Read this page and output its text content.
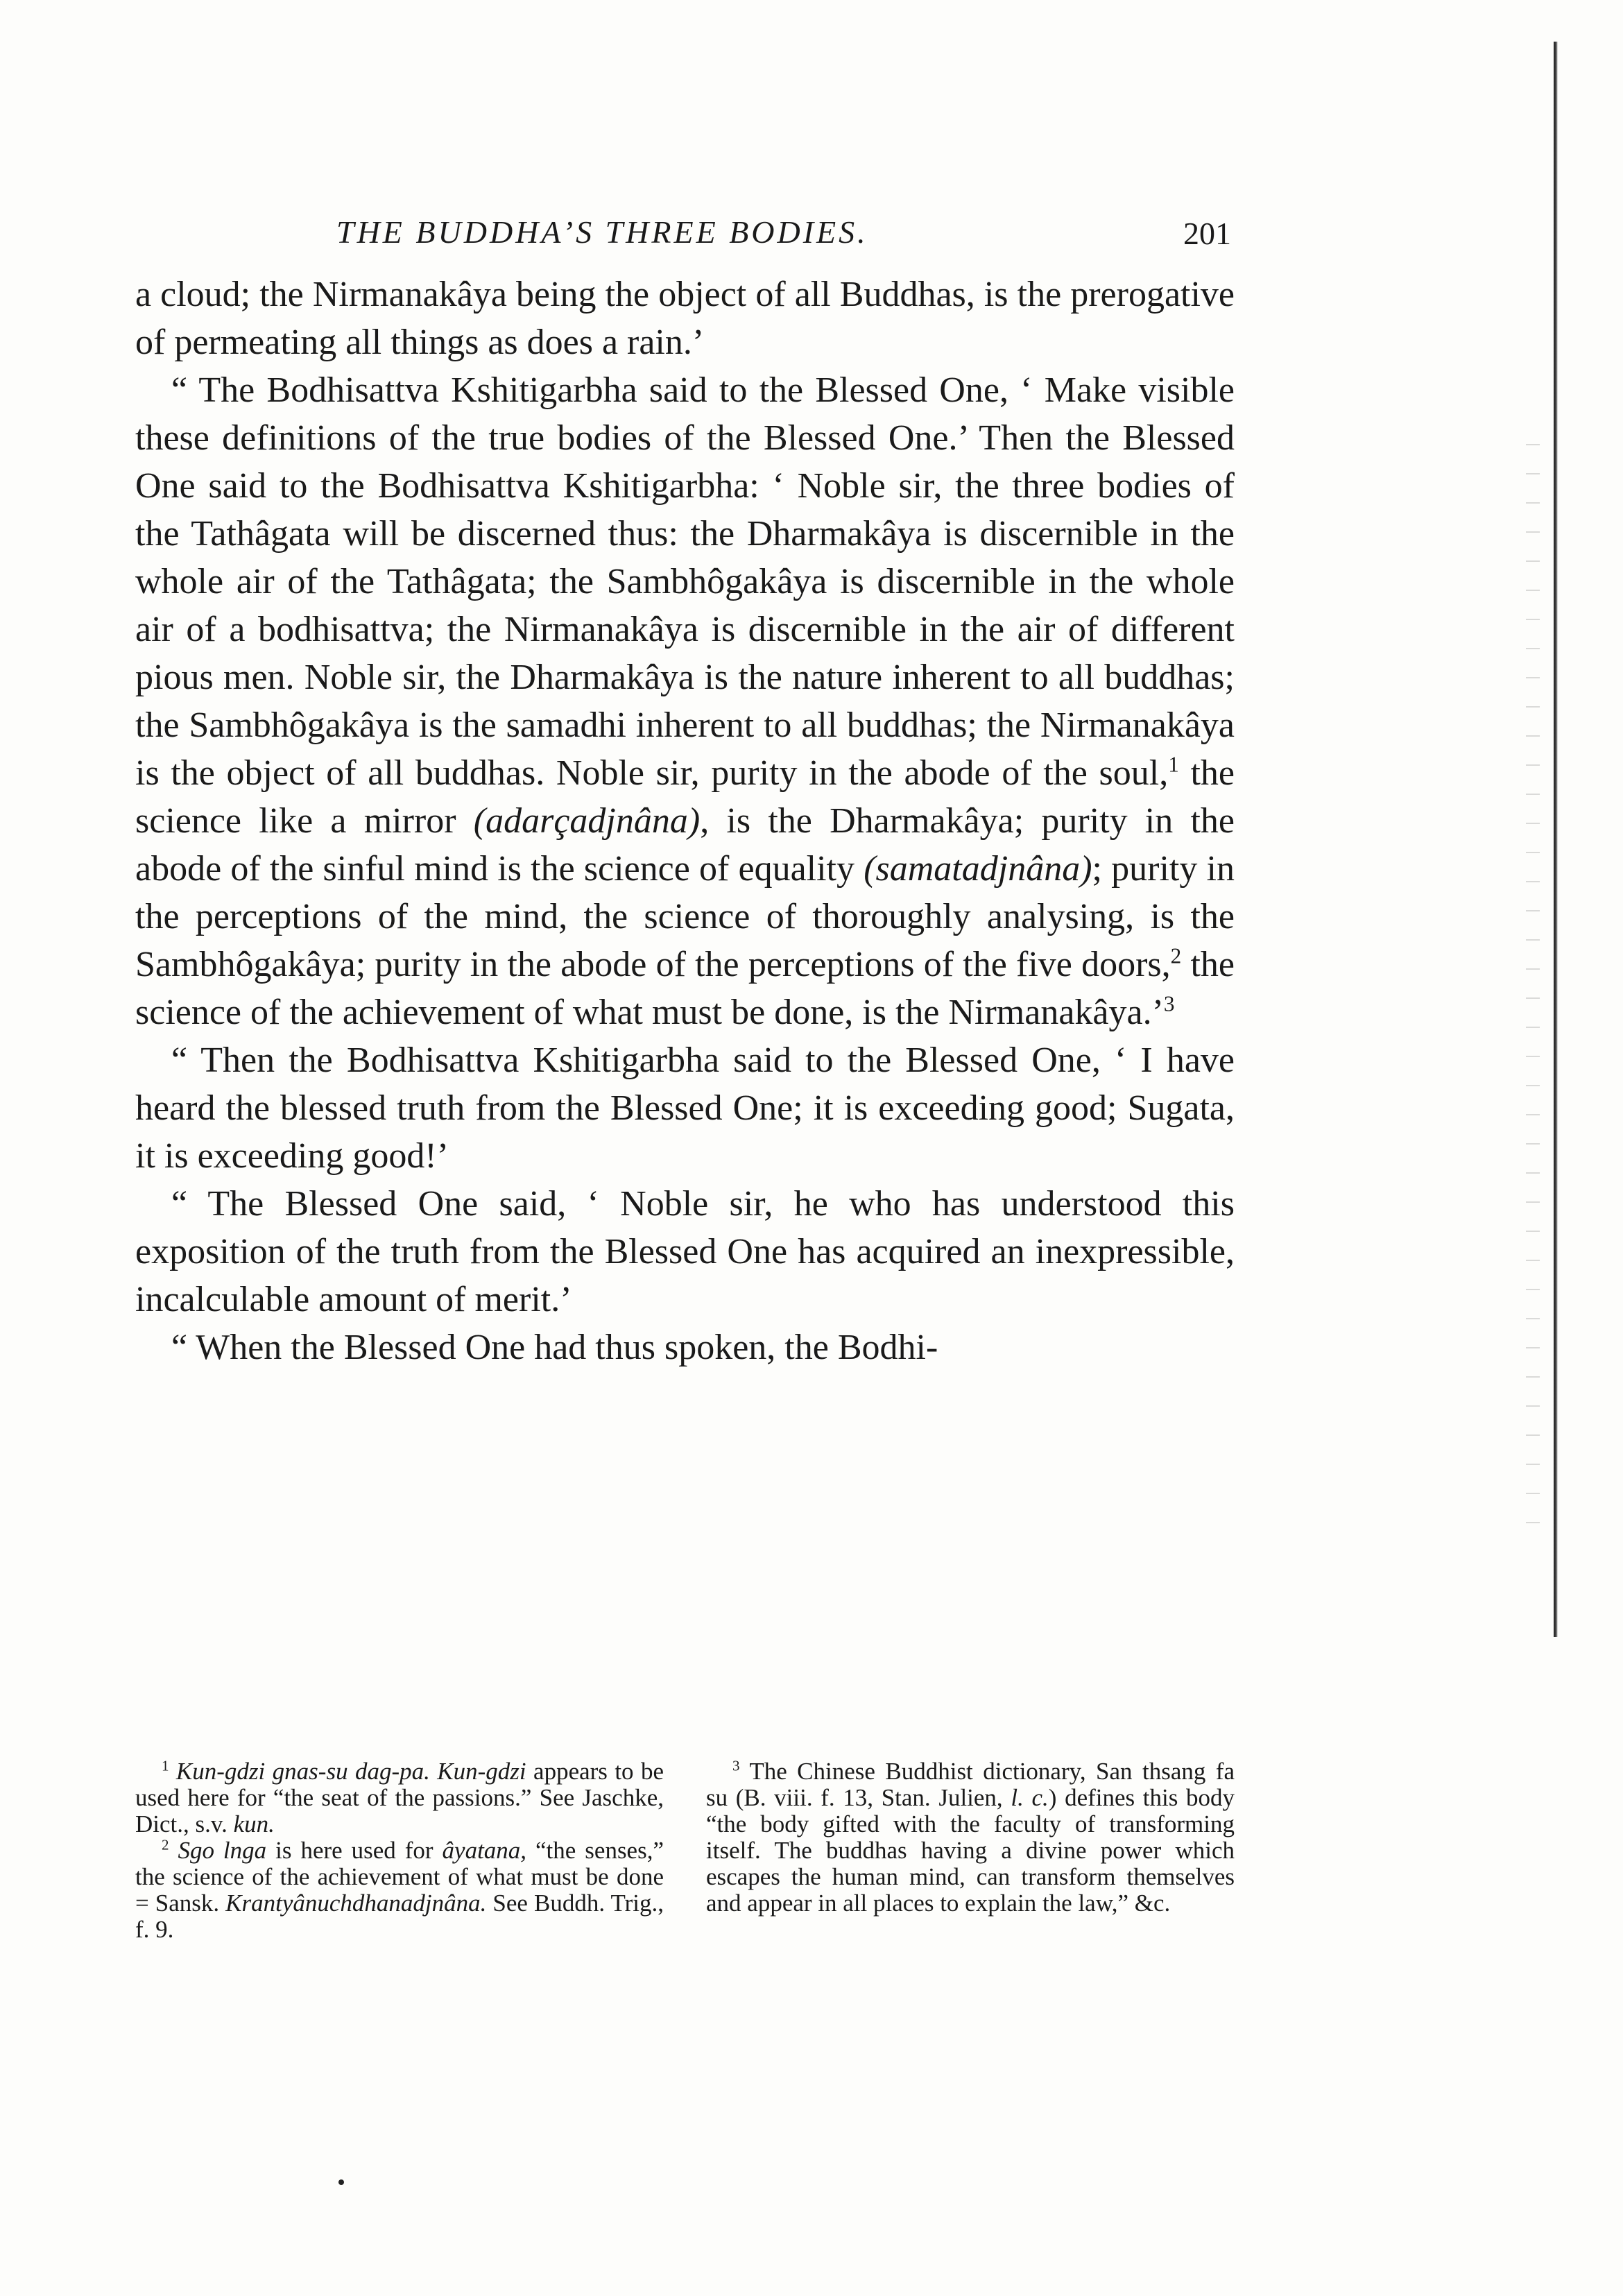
THE BUDDHA’S THREE BODIES.	201

a cloud; the Nirmanakâya being the object of all Buddhas, is the prerogative of permeating all things as does a rain.’

“ The Bodhisattva Kshitigarbha said to the Blessed One, ‘ Make visible these definitions of the true bodies of the Blessed One.’ Then the Blessed One said to the Bodhisattva Kshitigarbha: ‘ Noble sir, the three bodies of the Tathâgata will be discerned thus: the Dharmakâya is discernible in the whole air of the Tathâgata; the Sambhôgakâya is discernible in the whole air of a bodhisattva; the Nirmanakâya is discernible in the air of different pious men. Noble sir, the Dharmakâya is the nature inherent to all buddhas; the Sambhôgakâya is the samadhi inherent to all buddhas; the Nirmanakâya is the object of all buddhas. Noble sir, purity in the abode of the soul,$^1$ the science like a mirror (adarçadjnâna), is the Dharmakâya; purity in the abode of the sinful mind is the science of equality (samatadjnâna); purity in the perceptions of the mind, the science of thoroughly analysing, is the Sambhôgakâya; purity in the abode of the perceptions of the five doors,$^2$ the science of the achievement of what must be done, is the Nirmanakâya.’$^3$

“ Then the Bodhisattva Kshitigarbha said to the Blessed One, ‘ I have heard the blessed truth from the Blessed One; it is exceeding good; Sugata, it is exceeding good!’

“ The Blessed One said, ‘ Noble sir, he who has understood this exposition of the truth from the Blessed One has acquired an inexpressible, incalculable amount of merit.’

“ When the Blessed One had thus spoken, the Bodhi-

$^1$ Kun-gdzi gnas-su dag-pa. Kun-gdzi appears to be used here for “the seat of the passions.” See Jaschke, Dict., s.v. kun.

$^2$ Sgo lnga is here used for âyatana, “the senses,” the science of the achievement of what must be done = Sansk. Krantyânuchdhanadjnâna. See Buddh. Trig., f. 9.

$^3$ The Chinese Buddhist dictionary, San thsang fa su (B. viii. f. 13, Stan. Julien, l. c.) defines this body “the body gifted with the faculty of transforming itself. The buddhas having a divine power which escapes the human mind, can transform themselves and appear in all places to explain the law,” &c.
